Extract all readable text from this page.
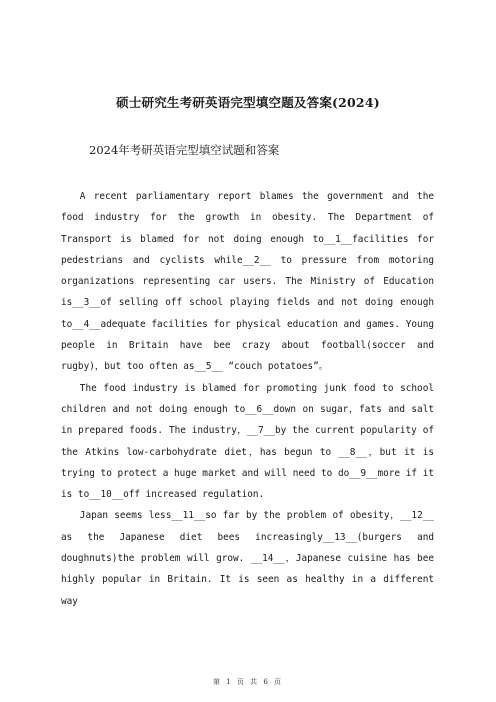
硕士研究生考研英语完型填空题及答案(2024)
2024年考研英语完型填空试题和答案

A recent parliamentary report blames the government and the food industry for the growth in obesity. The Department of Transport is blamed for not doing enough to__1__facilities for pedestrians and cyclists while__2__ to pressure from motoring organizations representing car users. The Ministry of Education is__3__of selling off school playing fields and not doing enough to__4__adequate facilities for physical education and games. Young people in Britain have bee crazy about football(soccer and rugby)，but too often as__5__ “couch potatoes”。

The food industry is blamed for promoting junk food to school children and not doing enough to__6__down on sugar，fats and salt in prepared foods. The industry，__7__by the current popularity of the Atkins low-carbohydrate diet，has begun to __8__，but it is trying to protect a huge market and will need to do__9__more if it is to__10__off increased regulation.

Japan seems less__11__so far by the problem of obesity，__12__ as the Japanese diet bees increasingly__13__(burgers and doughnuts)the problem will grow. __14__，Japanese cuisine has bee highly popular in Britain. It is seen as healthy in a different way

第 1 页 共 6 页
